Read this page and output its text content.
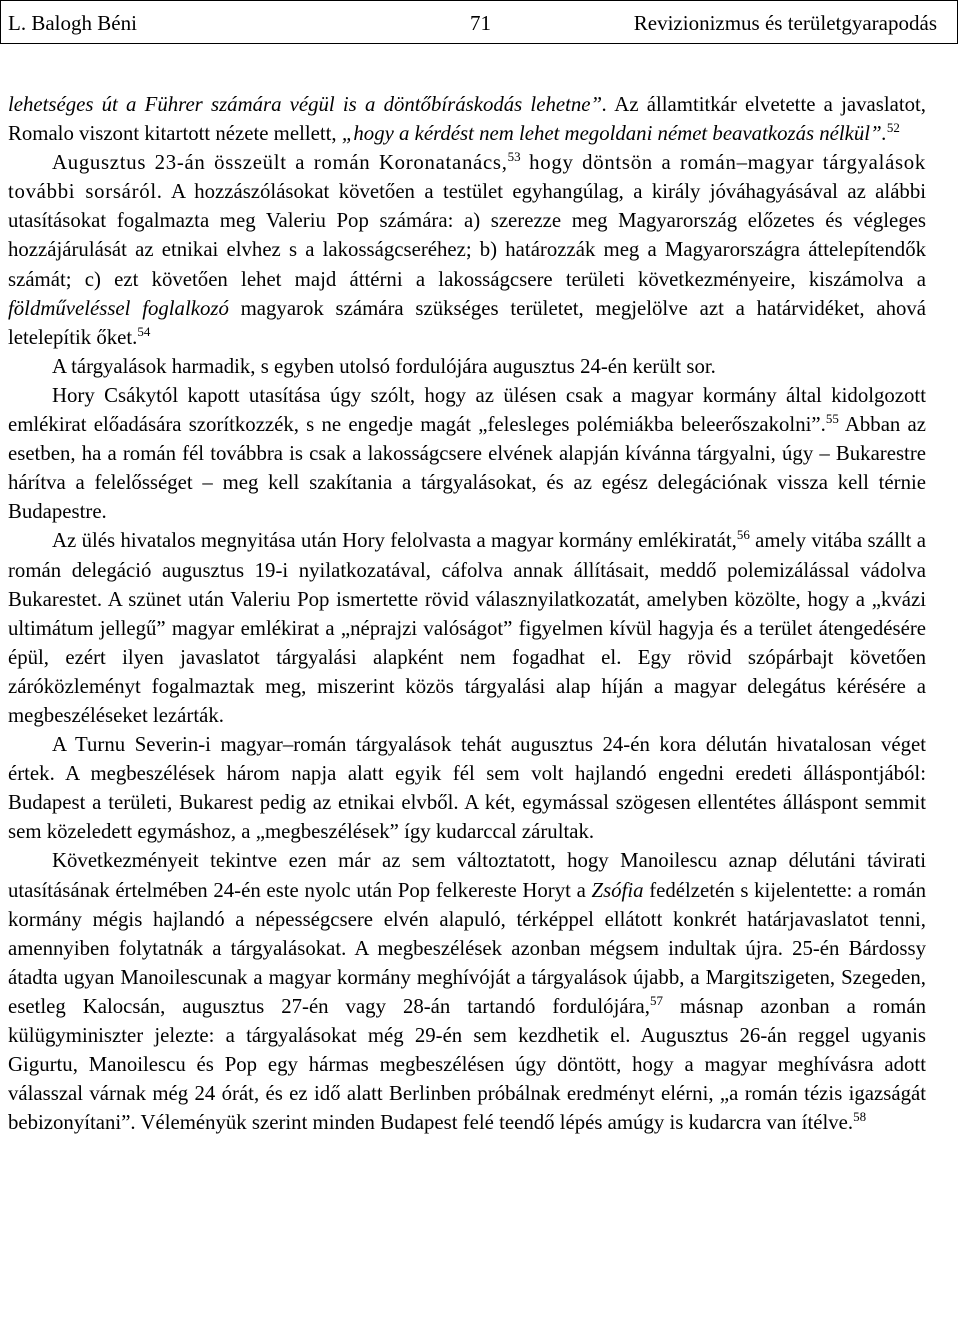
L. Balogh Béni	71	Revizionizmus és területgyarapodás

lehetséges út a Führer számára végül is a döntőbíráskodás lehetne”. Az államtitkár elvetette a javaslatot, Romalo viszont kitartott nézete mellett, „hogy a kérdést nem lehet megoldani német beavatkozás nélkül”.$^{52}$

Augusztus 23-án összeült a román Koronatanács,$^{53}$ hogy döntsön a román–magyar tárgyalások további sorsáról. A hozzászólásokat követően a testület egyhangúlag, a király jóváhagyásával az alábbi utasításokat fogalmazta meg Valeriu Pop számára: a) szerezze meg Magyarország előzetes és végleges hozzájárulását az etnikai elvhez s a lakosságcseréhez; b) határozzák meg a Magyarországra áttelepítendők számát; c) ezt követően lehet majd áttérni a lakosságcsere területi következményeire, kiszámolva a földműveléssel foglalkozó magyarok számára szükséges területet, megjelölve azt a határvidéket, ahová letelepítik őket.$^{54}$

A tárgyalások harmadik, s egyben utolsó fordulójára augusztus 24-én került sor.

Hory Csákytól kapott utasítása úgy szólt, hogy az ülésen csak a magyar kormány által kidolgozott emlékirat előadására szorítkozzék, s ne engedje magát „felesleges polémiákba beleerőszakolni”.$^{55}$ Abban az esetben, ha a román fél továbbra is csak a lakosságcsere elvének alapján kívánna tárgyalni, úgy – Bukarestre hárítva a felelősséget – meg kell szakítania a tárgyalásokat, és az egész delegációnak vissza kell térnie Budapestre.

Az ülés hivatalos megnyitása után Hory felolvasta a magyar kormány emlékiratát,$^{56}$ amely vitába szállt a román delegáció augusztus 19-i nyilatkozatával, cáfolva annak állításait, meddő polemizálással vádolva Bukarestet. A szünet után Valeriu Pop ismertette rövid válasznyilatkozatát, amelyben közölte, hogy a „kvázi ultimátum jellegű” magyar emlékirat a „néprajzi valóságot” figyelmen kívül hagyja és a terület átengedésére épül, ezért ilyen javaslatot tárgyalási alapként nem fogadhat el. Egy rövid szópárbajt követően záróközleményt fogalmaztak meg, miszerint közös tárgyalási alap híján a magyar delegátus kérésére a megbeszéléseket lezárták.

A Turnu Severin-i magyar–román tárgyalások tehát augusztus 24-én kora délután hivatalosan véget értek. A megbeszélések három napja alatt egyik fél sem volt hajlandó engedni eredeti álláspontjából: Budapest a területi, Bukarest pedig az etnikai elvből. A két, egymással szögesen ellentétes álláspont semmit sem közeledett egymáshoz, a „megbeszélések” így kudarccal zárultak.

Következményeit tekintve ezen már az sem változtatott, hogy Manoilescu aznap délutáni távirati utasításának értelmében 24-én este nyolc után Pop felkereste Horyt a Zsófia fedélzetén s kijelentette: a román kormány mégis hajlandó a népességcsere elvén alapuló, térképpel ellátott konkrét határjavaslatot tenni, amennyiben folytatnák a tárgyalásokat. A megbeszélések azonban mégsem indultak újra. 25-én Bárdossy átadta ugyan Manoilescunak a magyar kormány meghívóját a tárgyalások újabb, a Margitszigeten, Szegeden, esetleg Kalocsán, augusztus 27-én vagy 28-án tartandó fordulójára,$^{57}$ másnap azonban a román külügyminiszter jelezte: a tárgyalásokat még 29-én sem kezdhetik el. Augusztus 26-án reggel ugyanis Gigurtu, Manoilescu és Pop egy hármas megbeszélésen úgy döntött, hogy a magyar meghívásra adott válasszal várnak még 24 órát, és ez idő alatt Berlinben próbálnak eredményt elérni, „a román tézis igazságát bebizonyítani”. Véleményük szerint minden Budapest felé teendő lépés amúgy is kudarcra van ítélve.$^{58}$
